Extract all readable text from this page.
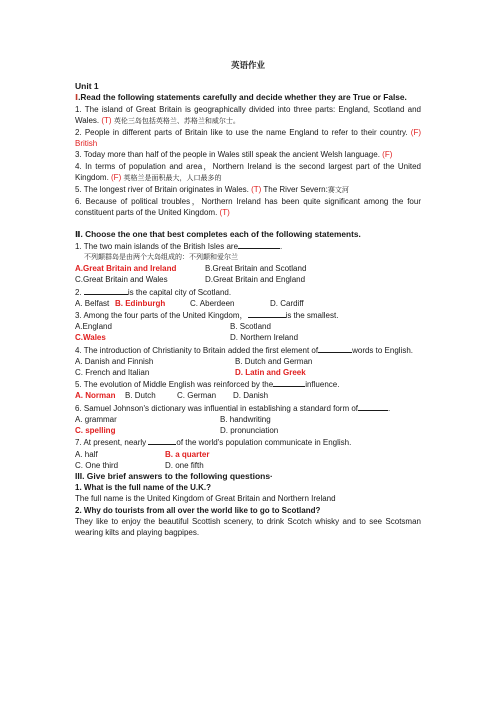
英语作业
Unit 1
Ⅰ.Read the following statements carefully and decide whether they are True or False.

1. The island of Great Britain is geographically divided into three parts: England, Scotland and Wales. (T) 英伦三岛包括英格兰、苏格兰和威尔士。

2. People in different parts of Britain like to use the name England to refer to their country. (F) British

3. Today more than half of the people in Wales still speak the ancient Welsh language. (F)

4. In terms of population and area，Northern Ireland is the second largest part of the United Kingdom. (F) 英格兰是面积最大，人口最多的

5. The longest river of Britain originates in Wales. (T) The River Severn:赛文河

6. Because of political troubles，Northern Ireland has been quite significant among the four constituent parts of the United Kingdom. (T)

Ⅱ. Choose the one that best completes each of the following statements.

1. The two main islands of the British Isles are	.

不列颠群岛是由两个大岛组成的：不列颠和爱尔兰

A.Great Britain and Ireland	B.Great Britain and Scotland
C.Great Britain and Wales	D.Great Britain and England

2.	is the capital city of Scotland.

A. Belfast B. Edinburgh	C. Aberdeen	D. Cardiff

3. Among the four parts of the United Kingdom，	is the smallest.

A.England	B. Scotland
C.Wales	D. Northern Ireland

4. The introduction of Christianity to Britain added the first element of	words to English.

A. Danish and Finnish	B. Dutch and German
C. French and Italian	D. Latin and Greek

5. The evolution of Middle English was reinforced by the	influence.

A. Norman	B. Dutch	C. German	D. Danish

6. Samuel Johnson's dictionary was influential in establishing a standard form of	.

A. grammar	B. handwriting
C. spelling	D. pronunciation

7. At present, nearly	of the world's population communicate in English.

A. half	B. a quarter
C. One third	D. one fifth
III. Give brief answers to the following questions·

1. What is the full name of the U.K.?

The full name is the United Kingdom of Great Britain and Northern Ireland

2. Why do tourists from all over the world like to go to Scotland?

They like to enjoy the beautiful Scottish scenery, to drink Scotch whisky and to see Scotsman wearing kilts and playing bagpipes.
